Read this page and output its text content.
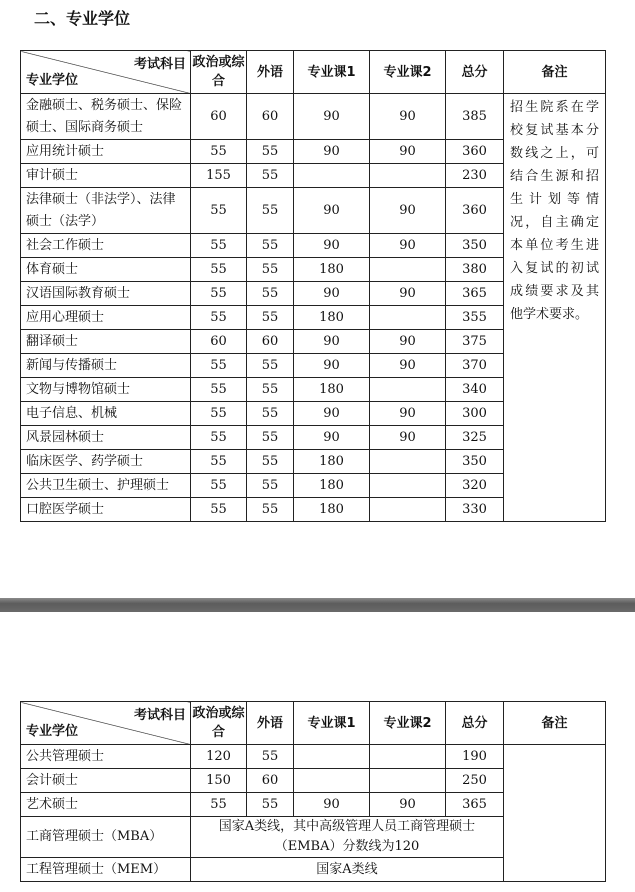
二、专业学位
考试科目
专业学位	政治或综合	外语	专业课1	专业课2	总分	备注
金融硕士、税务硕士、保险硕士、国际商务硕士	60	60	90	90	385	招生院系在学校复试基本分数线之上，可结合生源和招生计划等情况，自主确定本单位考生进入复试的初试成绩要求及其他学术要求。
应用统计硕士	55	55	90	90	360	
审计硕士	155	55			230	
法律硕士（非法学）、法律硕士（法学）	55	55	90	90	360	
社会工作硕士	55	55	90	90	350	
体育硕士	55	55	180		380	
汉语国际教育硕士	55	55	90	90	365	
应用心理硕士	55	55	180		355	
翻译硕士	60	60	90	90	375	
新闻与传播硕士	55	55	90	90	370	
文物与博物馆硕士	55	55	180		340	
电子信息、机械	55	55	90	90	300	
风景园林硕士	55	55	90	90	325	
临床医学、药学硕士	55	55	180		350	
公共卫生硕士、护理硕士	55	55	180		320	
口腔医学硕士	55	55	180		330	
考试科目
专业学位	政治或综合	外语	专业课1	专业课2	总分	备注
公共管理硕士	120	55			190	
会计硕士	150	60			250	
艺术硕士	55	55	90	90	365	
工商管理硕士（MBA）	国家A类线，其中高级管理人员工商管理硕士（EMBA）分数线为120					
工程管理硕士（MEM）	国家A类线					
